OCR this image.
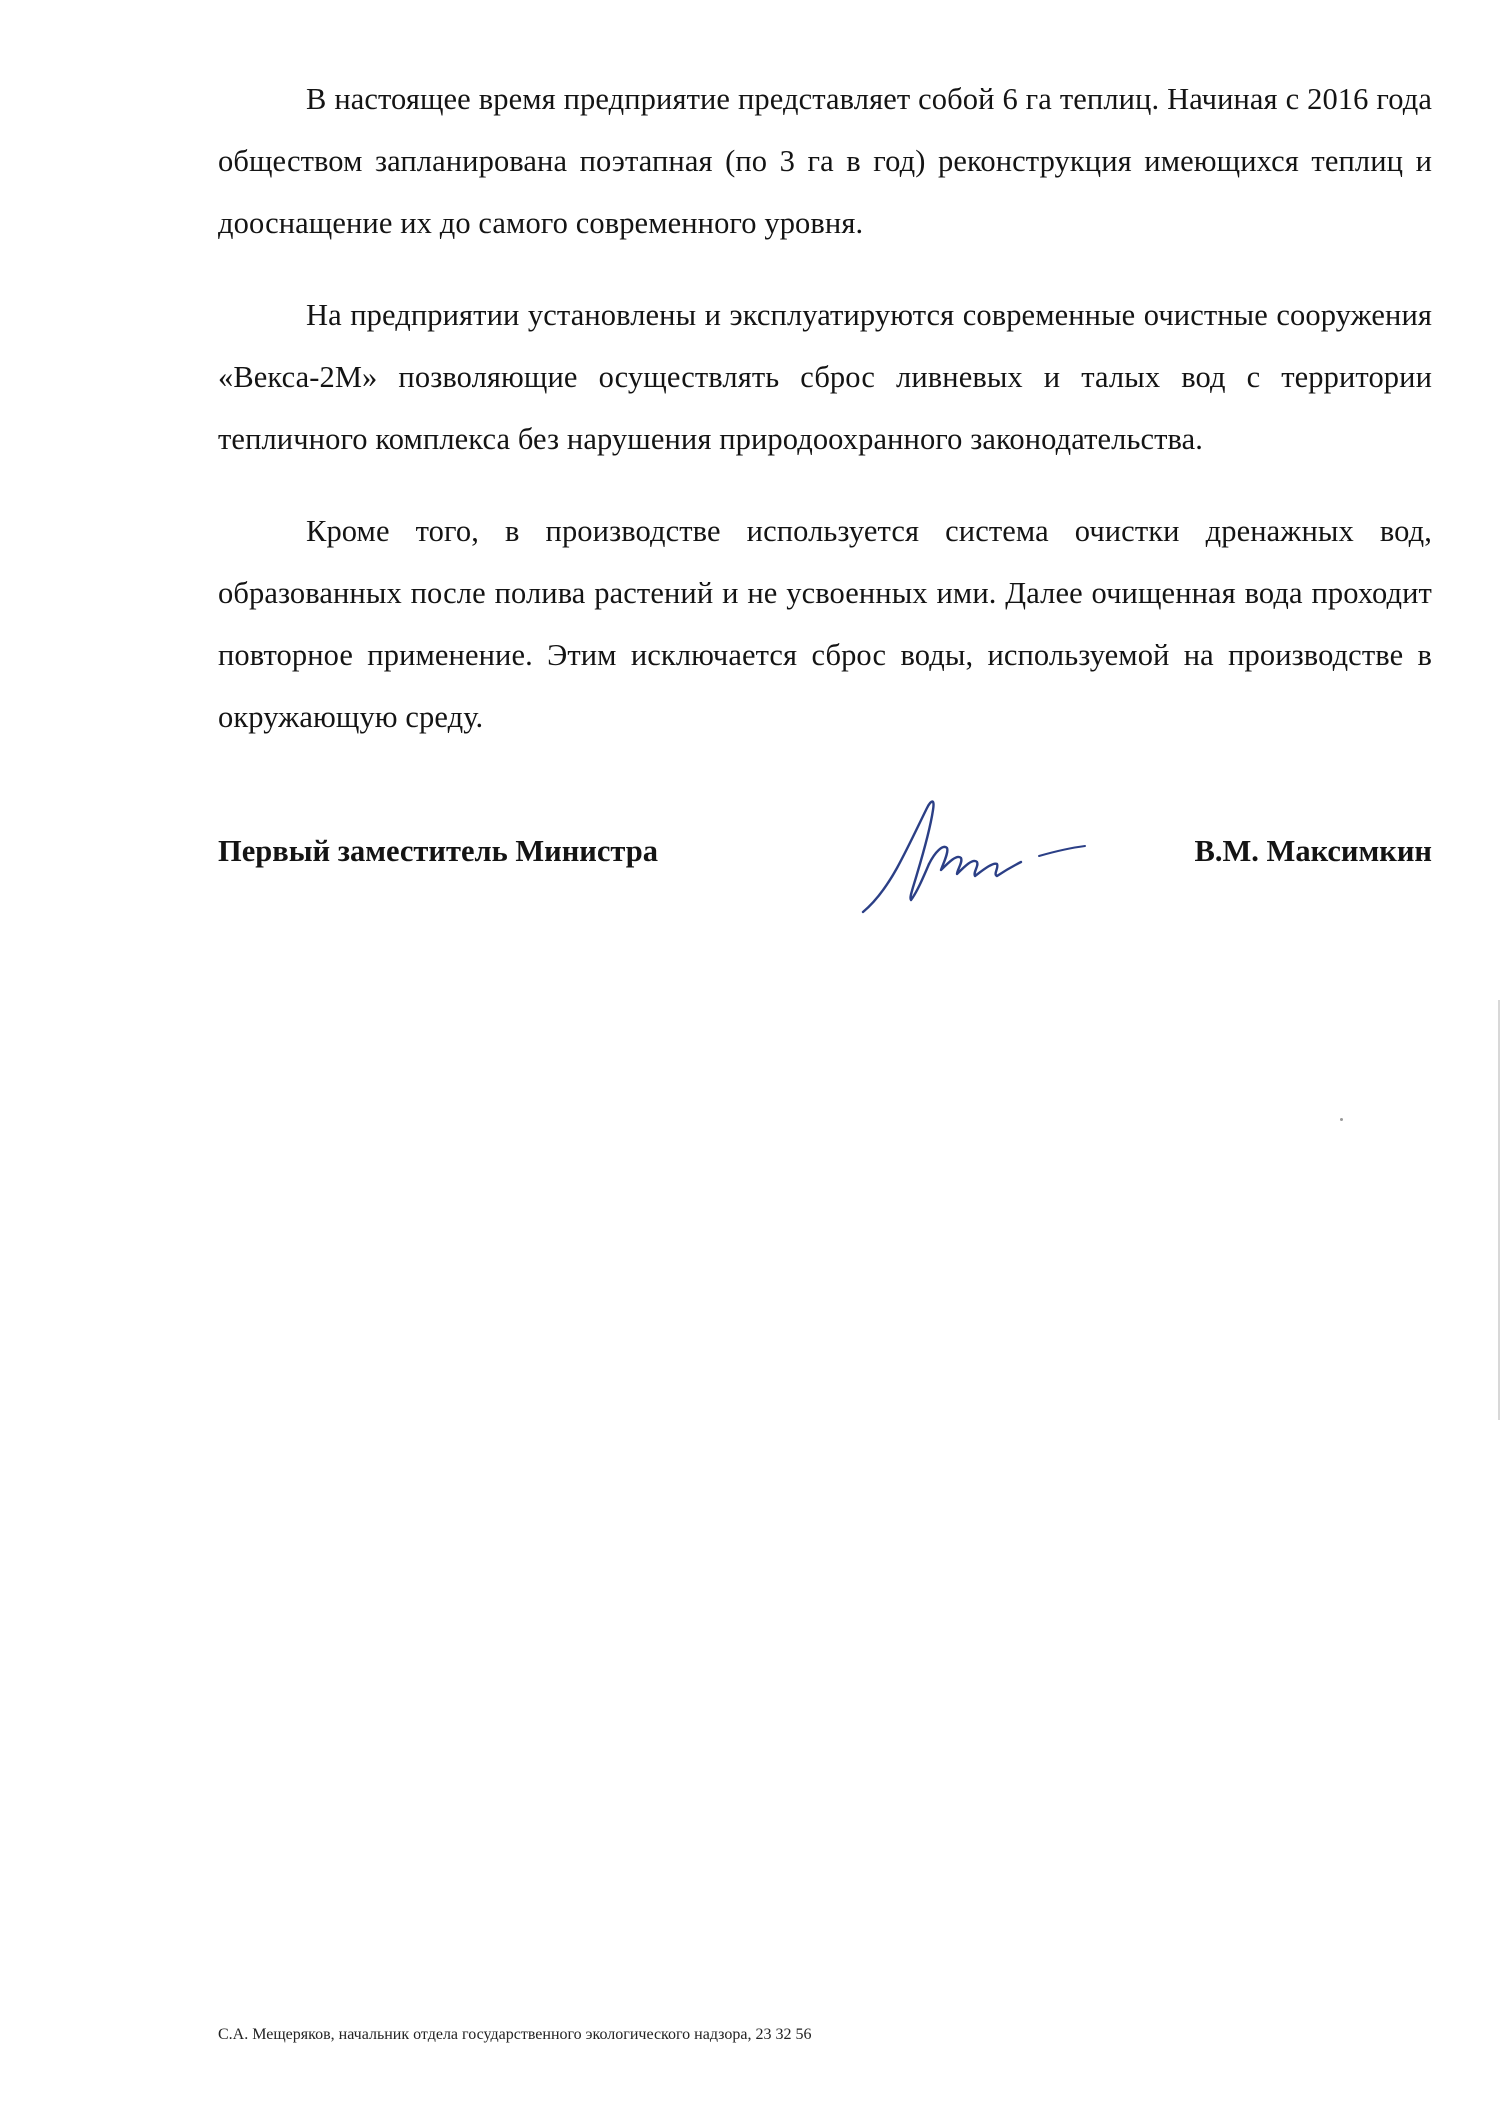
В настоящее время предприятие представляет собой 6 га теплиц. Начиная с 2016 года обществом запланирована поэтапная (по 3 га в год) реконструкция имеющихся теплиц и дооснащение их до самого современного уровня.

На предприятии установлены и эксплуатируются современные очистные сооружения «Векса-2М» позволяющие осуществлять сброс ливневых и талых вод с территории тепличного комплекса без нарушения природоохранного законодательства.

Кроме того, в производстве используется система очистки дренажных вод, образованных после полива растений и не усвоенных ими. Далее очищенная вода проходит повторное применение. Этим исключается сброс воды, используемой на производстве в окружающую среду.

Первый заместитель Министра	В.М. Максимкин
С.А. Мещеряков, начальник отдела государственного экологического надзора, 23 32 56
